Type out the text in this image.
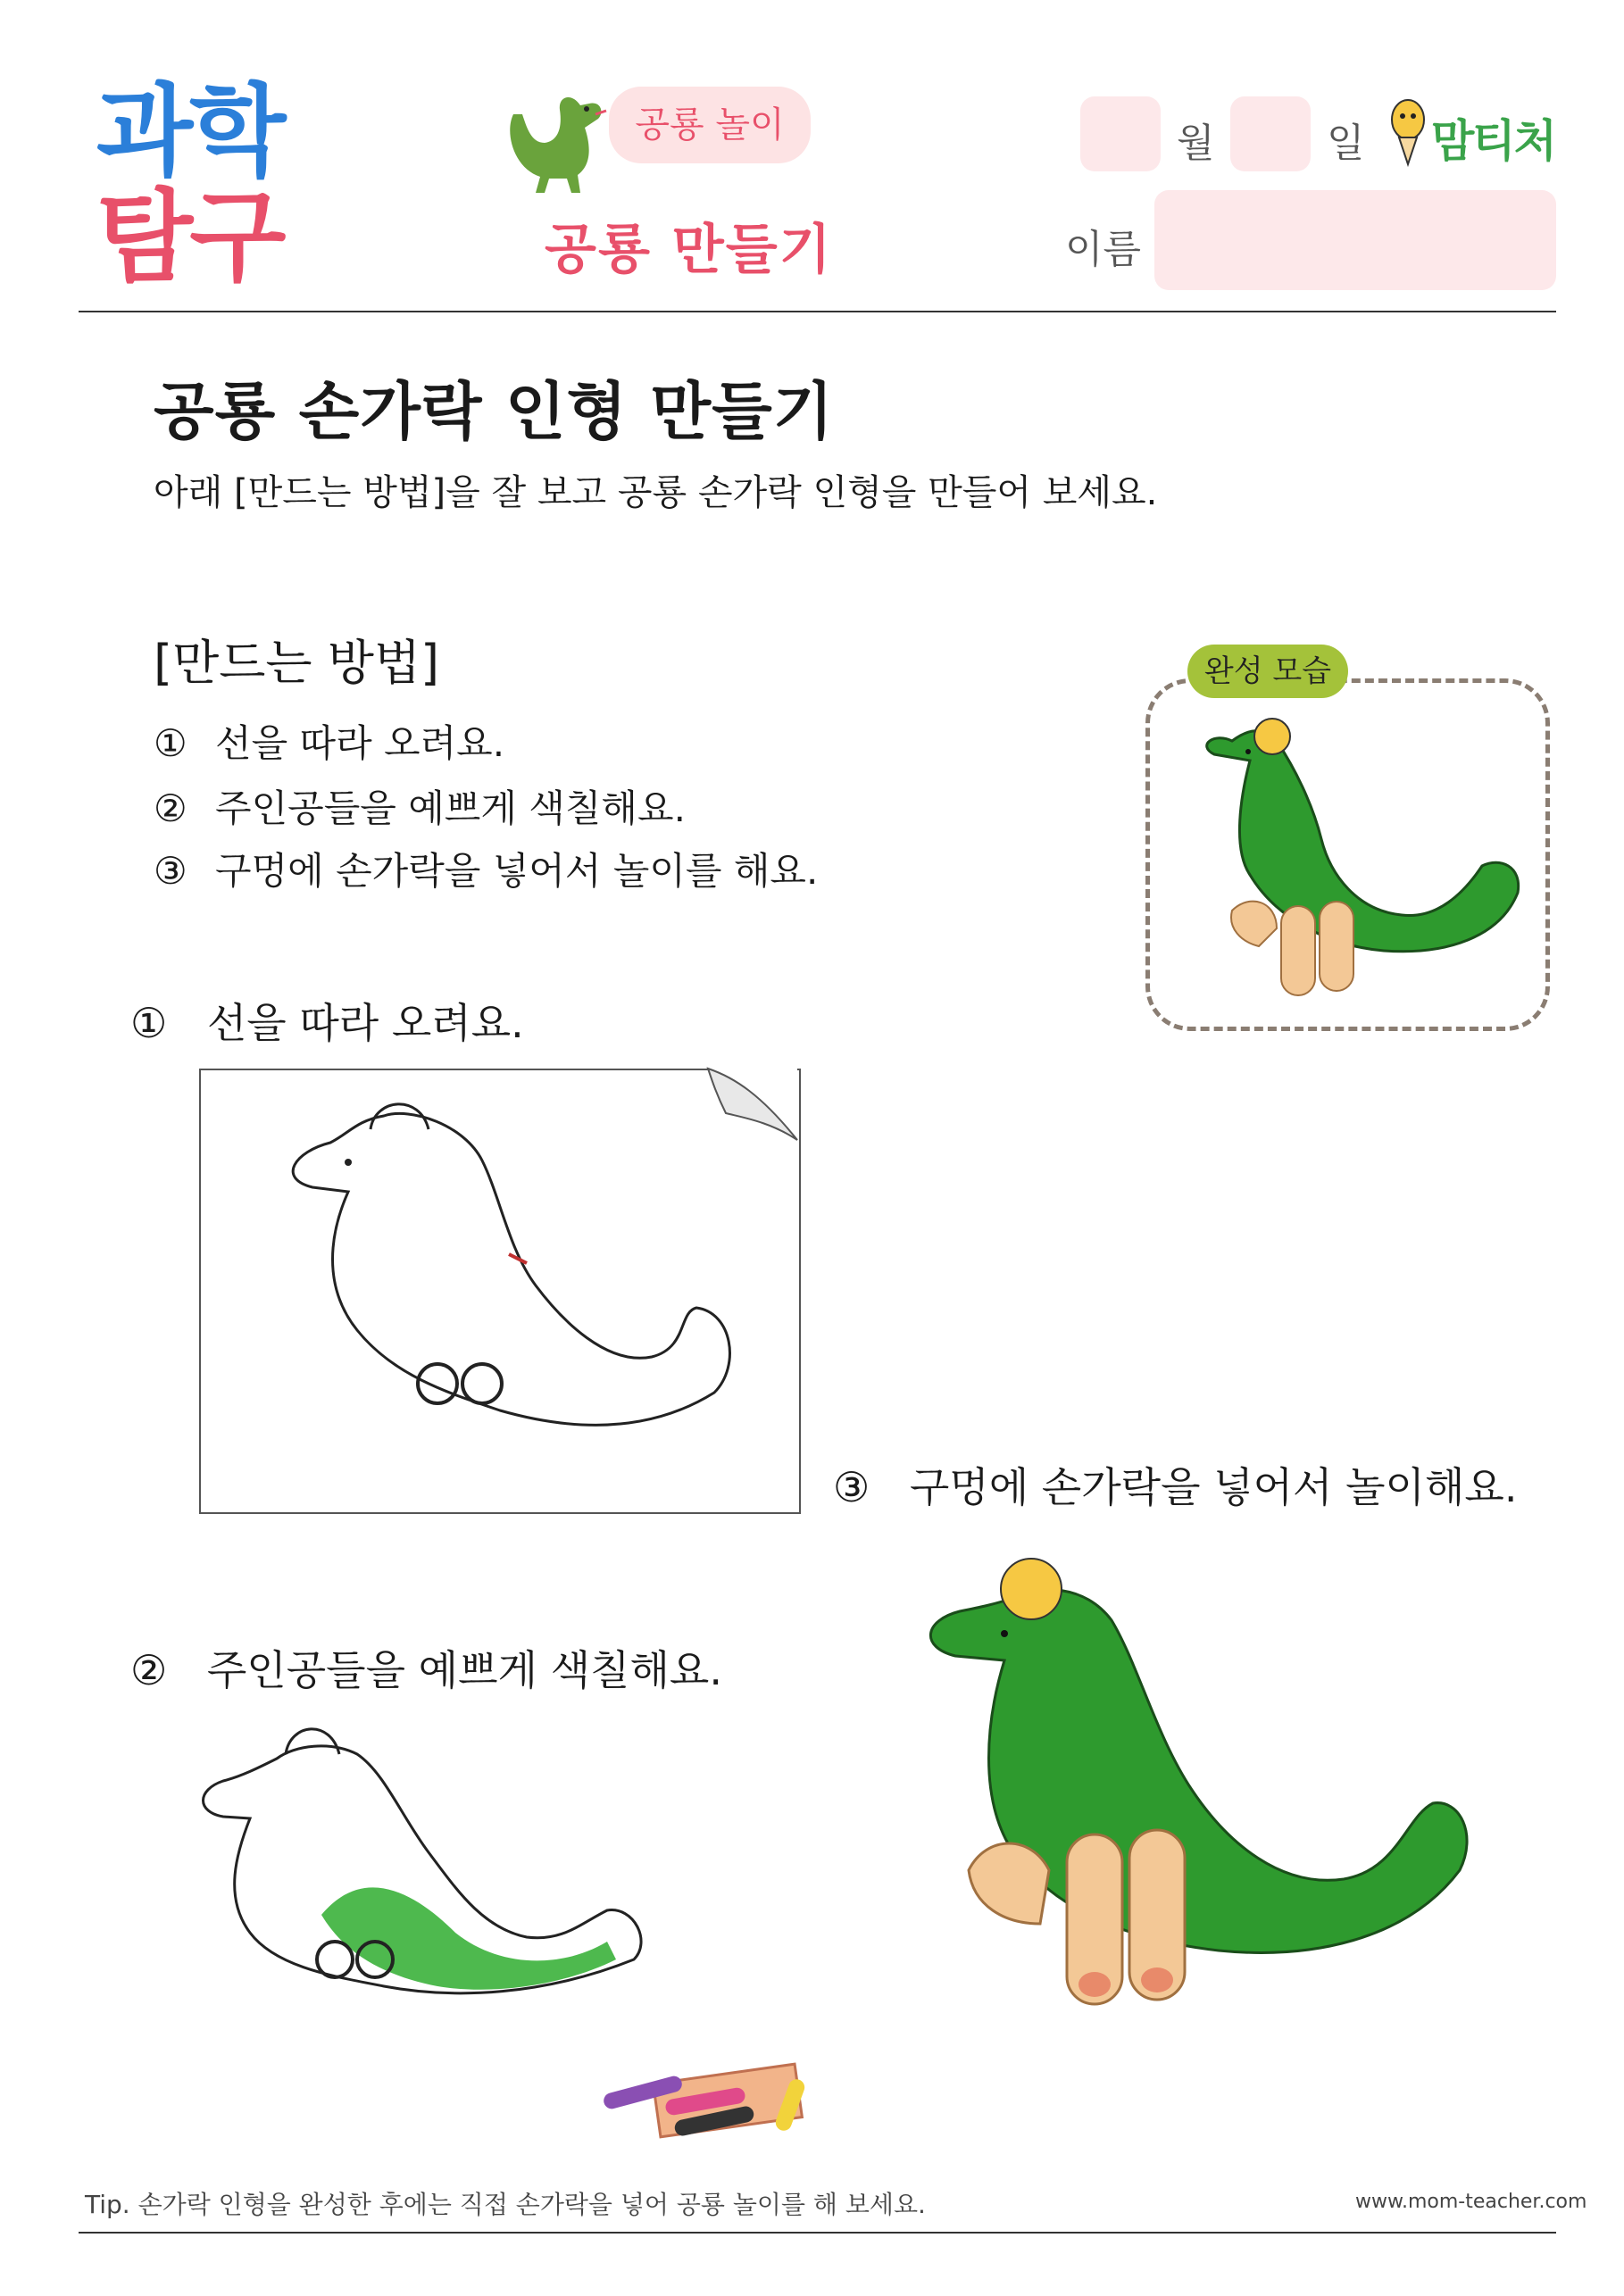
과학
탐구
공룡 놀이
공룡 만들기
월	일 맘티처
이름
공룡 손가락 인형 만들기
아래 [만드는 방법]을 잘 보고 공룡 손가락 인형을 만들어 보세요.
[만드는 방법]
① 선을 따라 오려요.
② 주인공들을 예쁘게 색칠해요.
③ 구멍에 손가락을 넣어서 놀이를 해요.
완성 모습
① 선을 따라 오려요.
③ 구멍에 손가락을 넣어서 놀이해요.
② 주인공들을 예쁘게 색칠해요.
Tip. 손가락 인형을 완성한 후에는 직접 손가락을 넣어 공룡 놀이를 해 보세요.	www.mom-teacher.com
